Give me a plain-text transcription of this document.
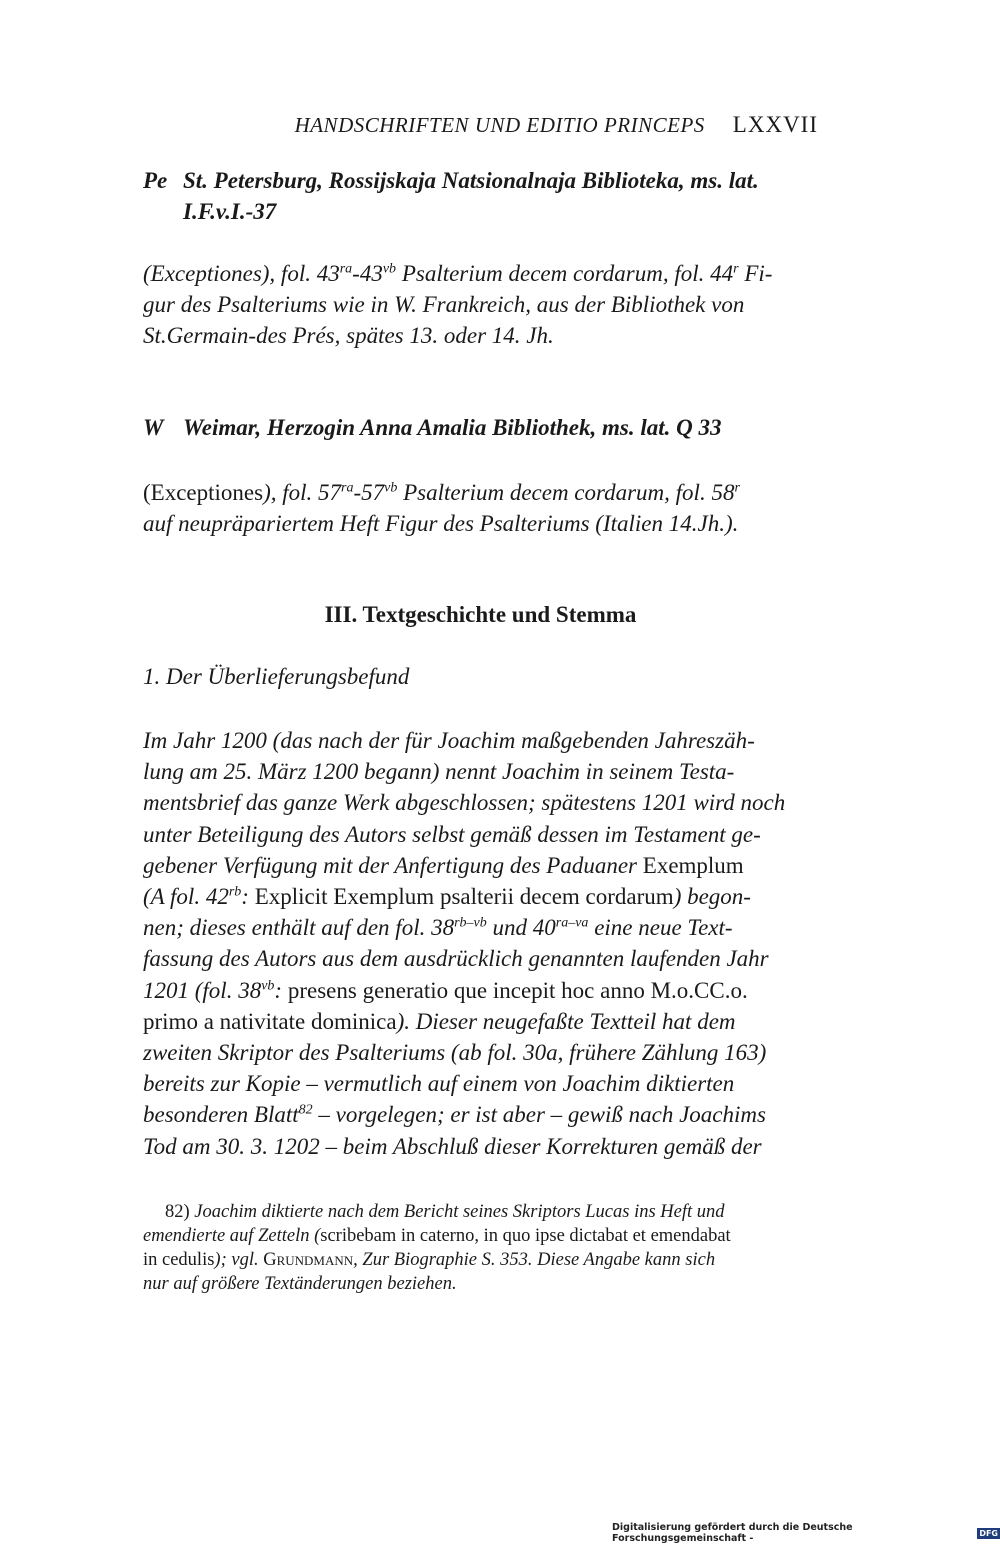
HANDSCHRIFTEN UND EDITIO PRINCEPS LXXVII
Pe St. Petersburg, Rossijskaja Natsionalnaja Biblioteka, ms. lat.
I.F.v.I.-37
(Exceptiones), fol. $43^{ra}-43^{vb}$ Psalterium decem cordarum, fol. 44$^r$ Fi-
gur des Psalteriums wie in W. Frankreich, aus der Bibliothek von
St.Germain-des Prés, spätes 13. oder 14. Jh.
W Weimar, Herzogin Anna Amalia Bibliothek, ms. lat. Q 33
(Exceptiones), fol. $57^{ra}-57^{vb}$ Psalterium decem cordarum, fol. 58$^r$
auf neupräpariertem Heft Figur des Psalteriums (Italien 14.Jh.).
III. Textgeschichte und Stemma
1. Der Überlieferungsbefund
Im Jahr 1200 (das nach der für Joachim maßgebenden Jahreszäh-
lung am 25. März 1200 begann) nennt Joachim in seinem Testa-
mentsbrief das ganze Werk abgeschlossen; spätestens 1201 wird noch
unter Beteiligung des Autors selbst gemäß dessen im Testament ge-
gebener Verfügung mit der Anfertigung des Paduaner Exemplum
(A fol. $42^{rb}$: Explicit Exemplum psalterii decem cordarum) begon-
nen; dieses enthält auf den fol. $38^{rb-vb}$ und $40^{ra-va}$ eine neue Text-
fassung des Autors aus dem ausdrücklich genannten laufenden Jahr
1201 (fol. $38^{vb}$: presens generatio que incepit hoc anno M.o.CC.o.
primo a nativitate dominica). Dieser neugefaßte Textteil hat dem
zweiten Skriptor des Psalteriums (ab fol. 30a, frühere Zählung 163)
bereits zur Kopie – vermutlich auf einem von Joachim diktierten
besonderen Blatt$^{82}$ – vorgelegen; er ist aber – gewiß nach Joachims
Tod am 30. 3. 1202 – beim Abschluß dieser Korrekturen gemäß der
82) Joachim diktierte nach dem Bericht seines Skriptors Lucas ins Heft und
emendierte auf Zetteln (scribebam in caterno, in quo ipse dictabat et emendabat
in cedulis); vgl. Grundmann, Zur Biographie S. 353. Diese Angabe kann sich
nur auf größere Textänderungen beziehen.
Digitalisierung gefördert durch die Deutsche Forschungsgemeinschaft -	DFG
